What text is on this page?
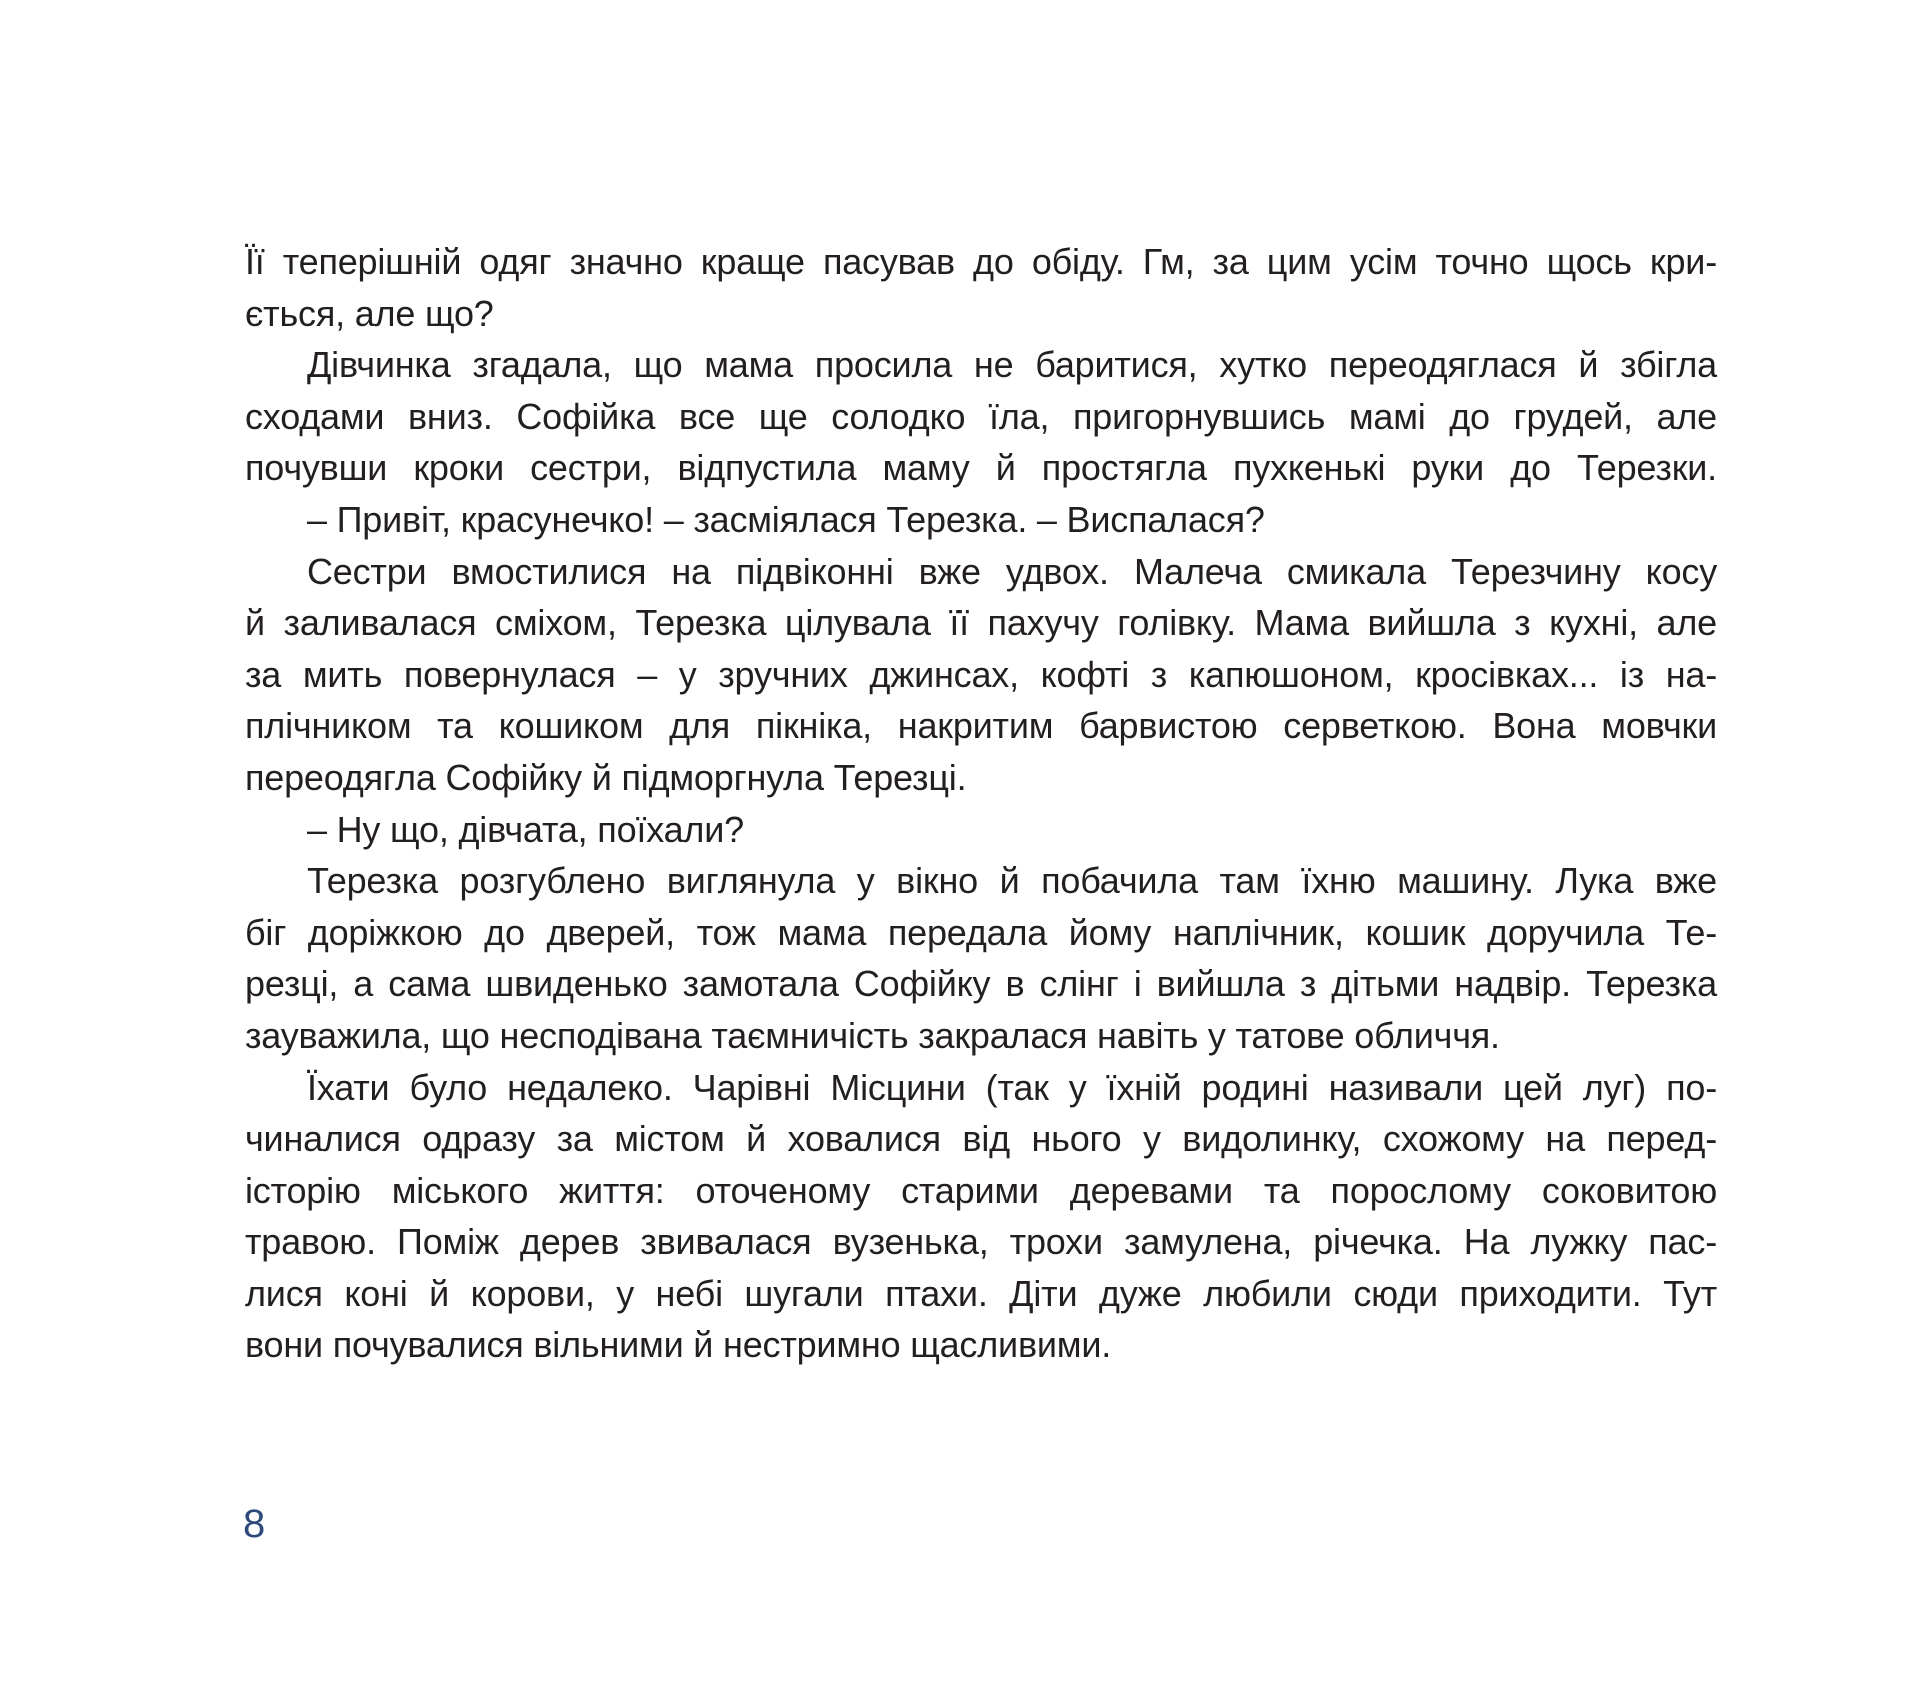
Її теперішній одяг значно краще пасував до обіду. Гм, за цим усім точно щось кри-
ється, але що?
Дівчинка згадала, що мама просила не баритися, хутко переодяглася й збігла
сходами вниз. Софійка все ще солодко їла, пригорнувшись мамі до грудей, але
почувши кроки сестри, відпустила маму й простягла пухкенькі руки до Терезки.
– Привіт, красунечко! – засміялася Терезка. – Виспалася?
Сестри вмостилися на підвіконні вже удвох. Малеча смикала Терезчину косу
й заливалася сміхом, Терезка цілувала її пахучу голівку. Мама вийшла з кухні, але
за мить повернулася – у зручних джинсах, кофті з капюшоном, кросівках... із на-
плічником та кошиком для пікніка, накритим барвистою серветкою. Вона мовчки
переодягла Софійку й підморгнула Терезці.
– Ну що, дівчата, поїхали?
Терезка розгублено виглянула у вікно й побачила там їхню машину. Лука вже
біг доріжкою до дверей, тож мама передала йому наплічник, кошик доручила Те-
резці, а сама швиденько замотала Софійку в слінг і вийшла з дітьми надвір. Терезка
зауважила, що несподівана таємничість закралася навіть у татове обличчя.
Їхати було недалеко. Чарівні Місцини (так у їхній родині називали цей луг) по-
чиналися одразу за містом й ховалися від нього у видолинку, схожому на перед-
історію міського життя: оточеному старими деревами та порослому соковитою
травою. Поміж дерев звивалася вузенька, трохи замулена, річечка. На лужку пас-
лися коні й корови, у небі шугали птахи. Діти дуже любили сюди приходити. Тут
вони почувалися вільними й нестримно щасливими.
8
